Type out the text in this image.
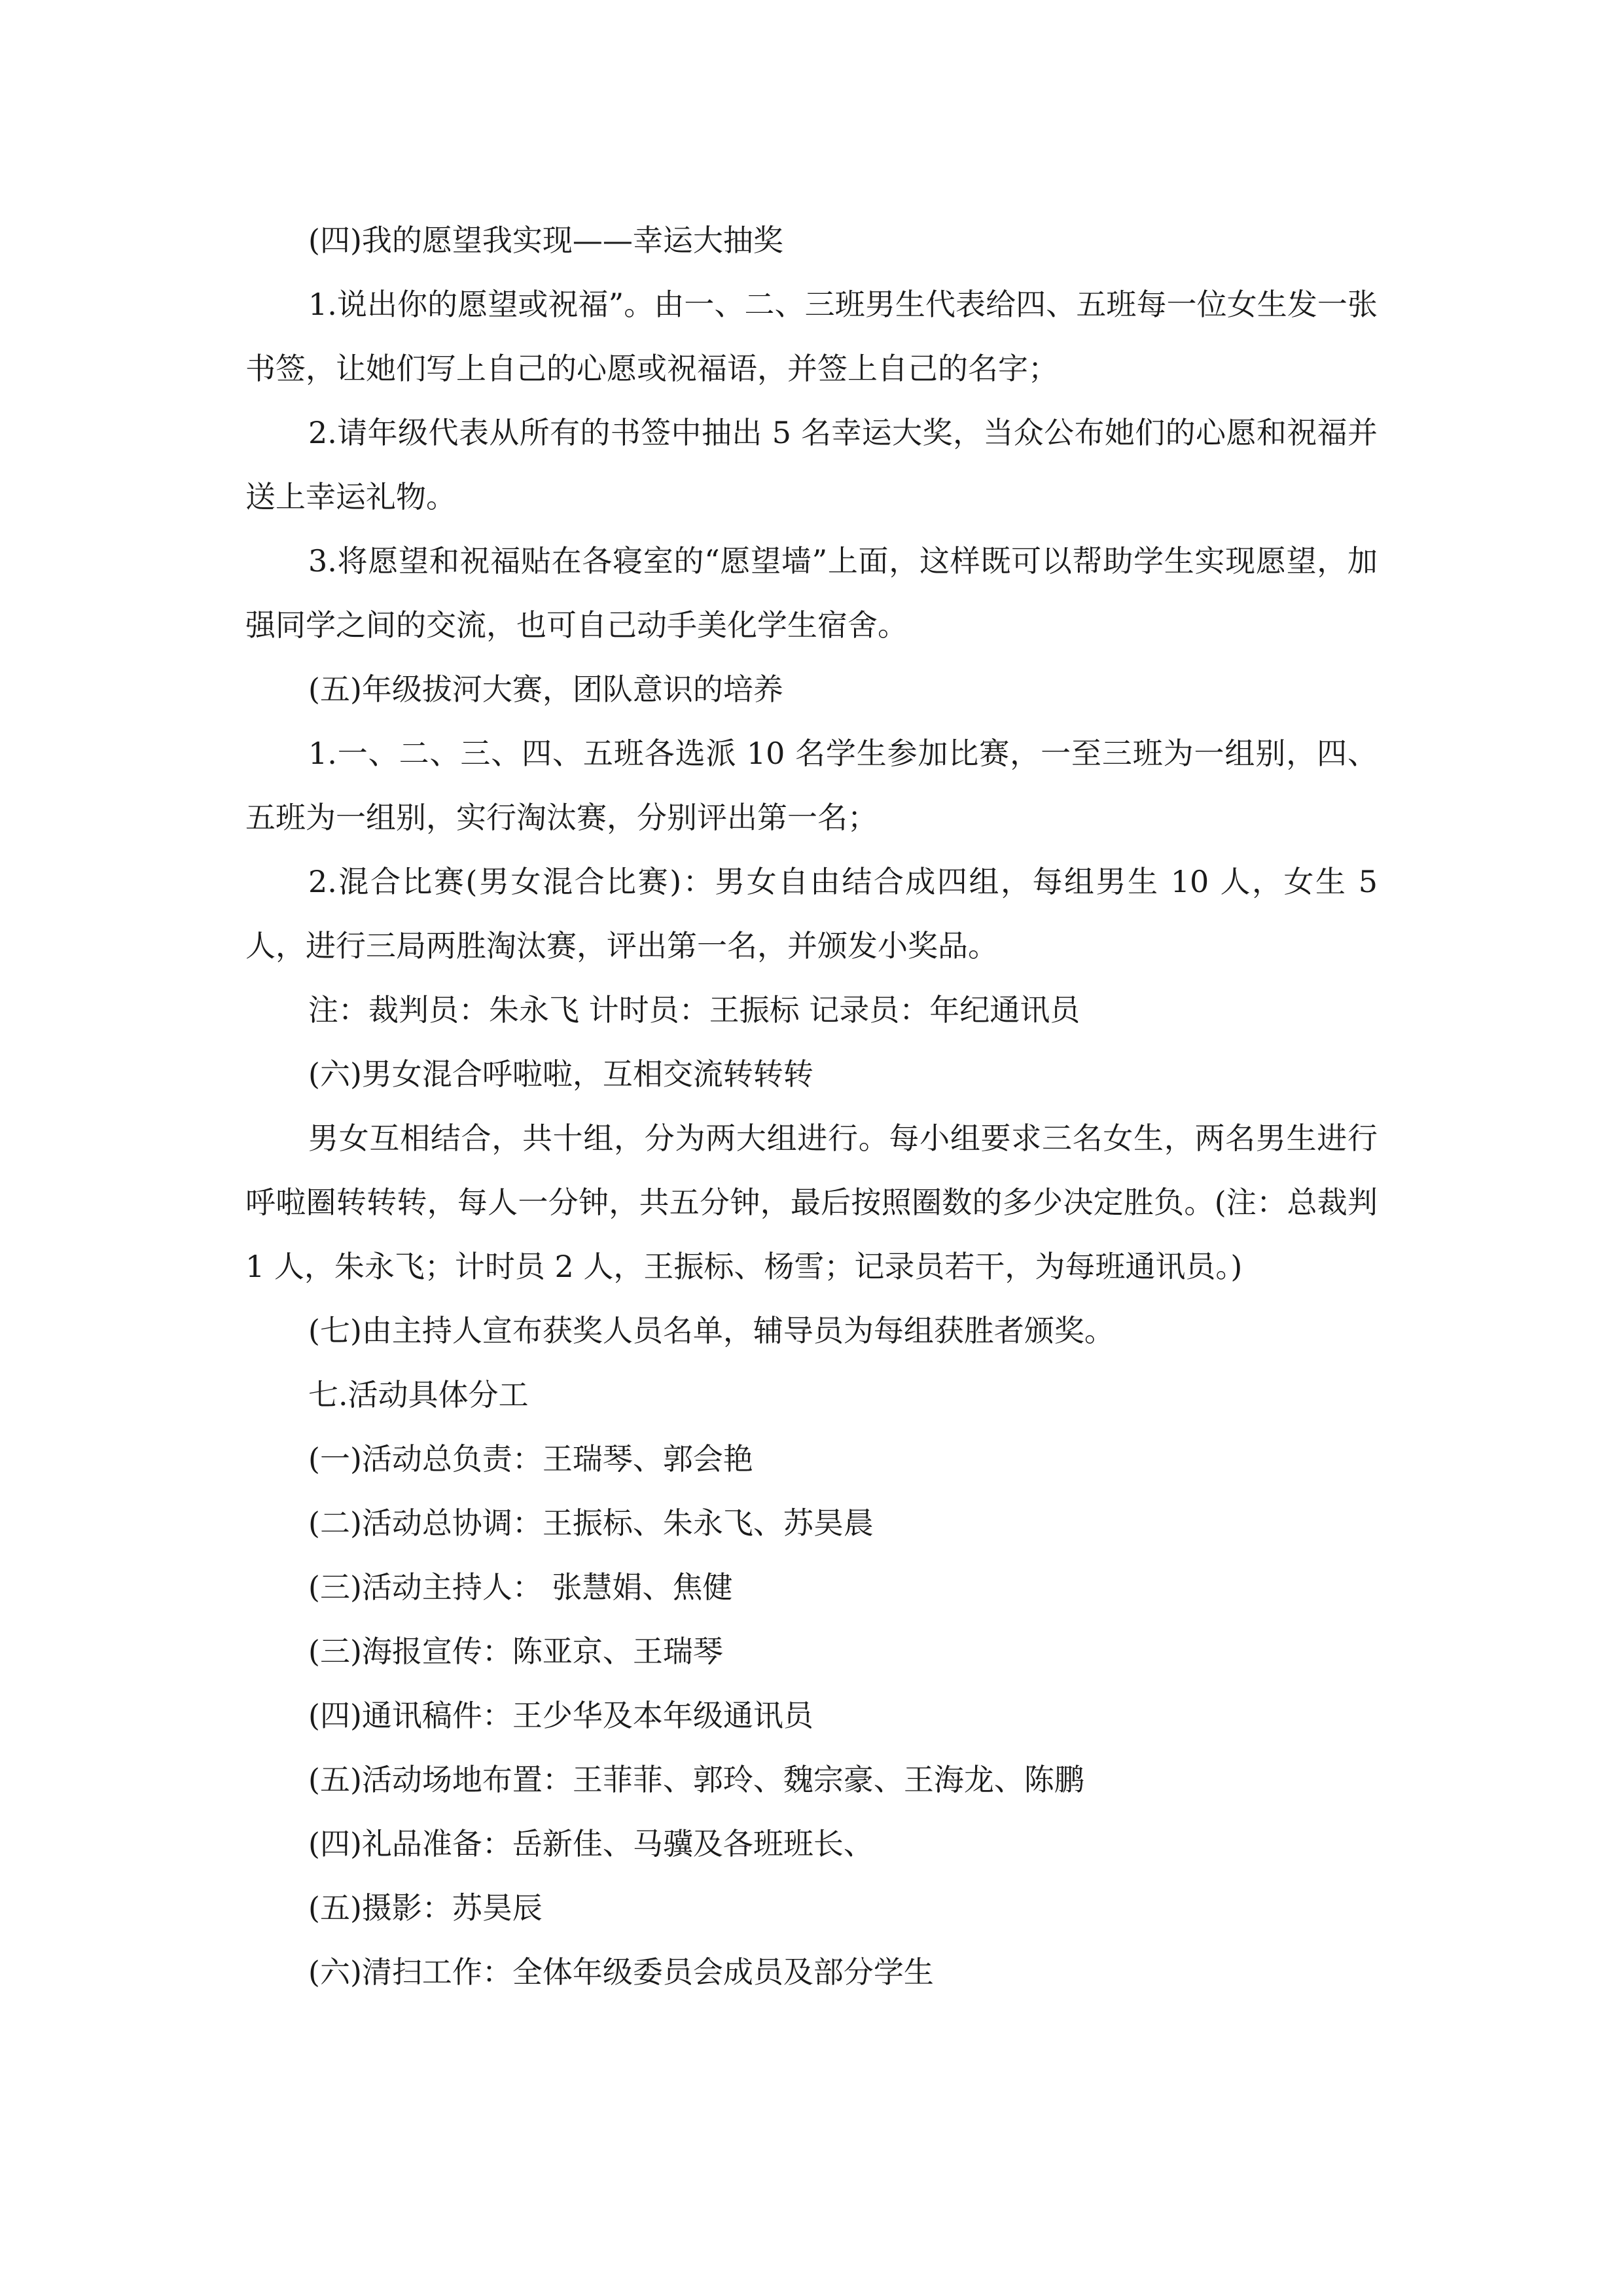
(四)我的愿望我实现——幸运大抽奖

1.说出你的愿望或祝福”。由一、二、三班男生代表给四、五班每一位女生发一张书签，让她们写上自己的心愿或祝福语，并签上自己的名字；

2.请年级代表从所有的书签中抽出 5 名幸运大奖，当众公布她们的心愿和祝福并送上幸运礼物。

3.将愿望和祝福贴在各寝室的“愿望墙”上面，这样既可以帮助学生实现愿望，加强同学之间的交流，也可自己动手美化学生宿舍。

(五)年级拔河大赛，团队意识的培养

1.一、二、三、四、五班各选派 10 名学生参加比赛，一至三班为一组别，四、五班为一组别，实行淘汰赛，分别评出第一名；

2.混合比赛(男女混合比赛)：男女自由结合成四组，每组男生 10 人，女生 5 人，进行三局两胜淘汰赛，评出第一名，并颁发小奖品。

注：裁判员：朱永飞 计时员：王振标 记录员：年纪通讯员

(六)男女混合呼啦啦，互相交流转转转

男女互相结合，共十组，分为两大组进行。每小组要求三名女生，两名男生进行呼啦圈转转转，每人一分钟，共五分钟，最后按照圈数的多少决定胜负。(注：总裁判 1 人，朱永飞；计时员 2 人，王振标、杨雪；记录员若干，为每班通讯员。)

(七)由主持人宣布获奖人员名单，辅导员为每组获胜者颁奖。

七.活动具体分工

(一)活动总负责：王瑞琴、郭会艳

(二)活动总协调：王振标、朱永飞、苏昊晨

(三)活动主持人： 张慧娟、焦健

(三)海报宣传：陈亚京、王瑞琴

(四)通讯稿件：王少华及本年级通讯员

(五)活动场地布置：王菲菲、郭玲、魏宗豪、王海龙、陈鹏

(四)礼品准备：岳新佳、马骥及各班班长、

(五)摄影：苏昊辰

(六)清扫工作：全体年级委员会成员及部分学生
